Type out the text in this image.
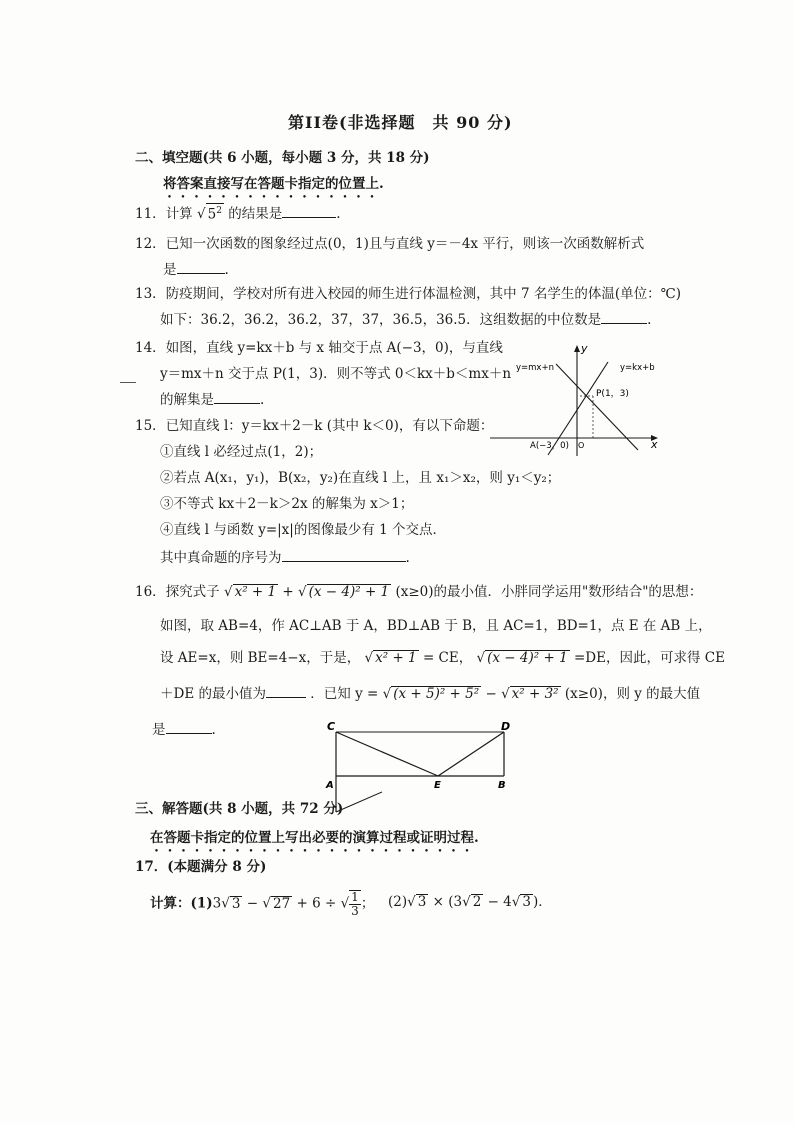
第II卷(非选择题　共 90 分)
二、填空题(共 6 小题，每小题 3 分，共 18 分)
将答案直接写在答题卡指定的位置上.
11．计算 √ $5^2$ 的结果是	.
12．已知一次函数的图象经过点(0，1)且与直线 y＝－4x 平行，则该一次函数解析式
是	.
13．防疫期间，学校对所有进入校园的师生进行体温检测，其中 7 名学生的体温(单位：℃)
如下：36.2，36.2，36.2，37，37，36.5，36.5．这组数据的中位数是	.
14．如图，直线 y=kx＋b 与 x 轴交于点 A(−3，0)，与直线
y＝mx＋n 交于点 P(1，3)．则不等式 0＜kx＋b＜mx＋n
的解集是	.
y
x
y=mx+n	y=kx+b
P(1，3)
A(−3，0) O
15．已知直线 l：y＝kx＋2－k (其中 k＜0)，有以下命题：
①直线 l 必经过点(1，2)；
②若点 A(x₁，y₁)，B(x₂，y₂)在直线 l 上，且 x₁＞x₂，则 y₁＜y₂；
③不等式 kx＋2－k＞2x 的解集为 x＞1；
④直线 l 与函数 y=|x|的图像最少有 1 个交点．
其中真命题的序号为	.
16．探究式子 √ x² + 1 + √ (x − 4)² + 1 (x≥0)的最小值．小胖同学运用"数形结合"的思想：
如图，取 AB=4，作 AC⊥AB 于 A，BD⊥AB 于 B，且 AC=1，BD=1，点 E 在 AB 上，
设 AE=x，则 BE=4−x，于是， √ x² + 1 = CE， √ (x − 4)² + 1 =DE，因此，可求得 CE
＋DE 的最小值为	．已知 y = √ (x + 5)² + 5² − √ x² + 3² (x≥0)，则 y 的最大值
是	.	C	D
A	E	B
三、解答题(共 8 小题，共 72 分)
在答题卡指定的位置上写出必要的演算过程或证明过程.
17．(本题满分 8 分)
计算：(1)3√ 3 − √ 27 + 6 ÷ √ $\frac{1}{3}$ ； (2)√ 3 × (3√ 2 − 4√ 3 )．
